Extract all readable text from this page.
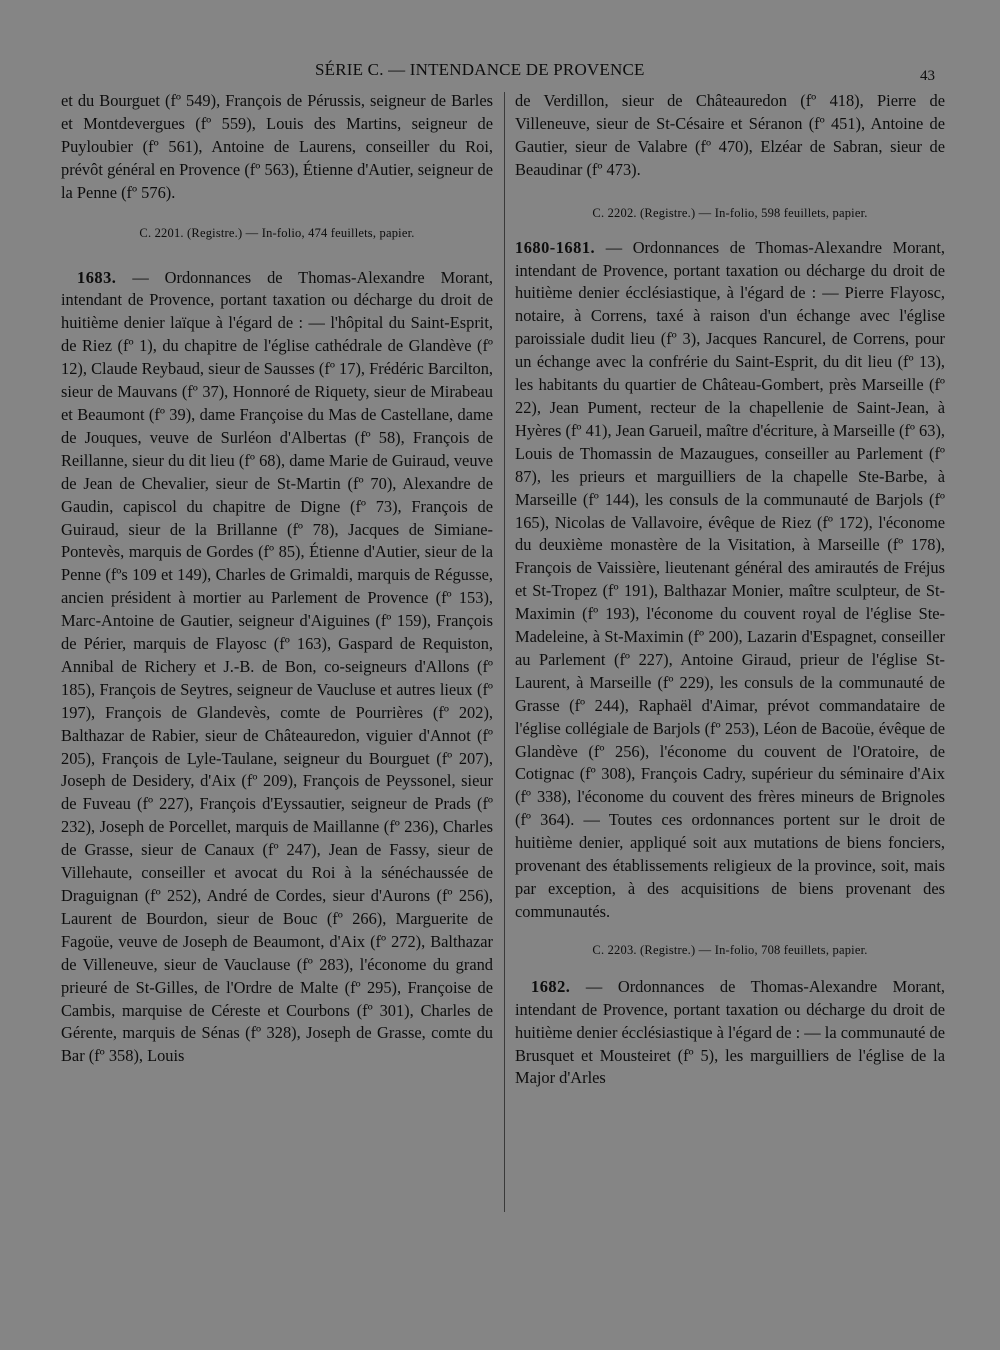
SÉRIE C. — INTENDANCE DE PROVENCE	43

et du Bourguet (fº 549), François de Pérussis, seigneur de Barles et Montdevergues (fº 559), Louis des Martins, seigneur de Puyloubier (fº 561), Antoine de Laurens, conseiller du Roi, prévôt général en Provence (fº 563), Étienne d'Autier, seigneur de la Penne (fº 576).

C. 2201. (Registre.) — In-folio, 474 feuillets, papier.

1683. — Ordonnances de Thomas-Alexandre Morant, intendant de Provence, portant taxation ou décharge du droit de huitième denier laïque à l'égard de : — l'hôpital du Saint-Esprit, de Riez (fº 1), du chapitre de l'église cathédrale de Glandève (fº 12), Claude Reybaud, sieur de Sausses (fº 17), Frédéric Barcilton, sieur de Mauvans (fº 37), Honnoré de Riquety, sieur de Mirabeau et Beaumont (fº 39), dame Françoise du Mas de Castellane, dame de Jouques, veuve de Surléon d'Albertas (fº 58), François de Reillanne, sieur du dit lieu (fº 68), dame Marie de Guiraud, veuve de Jean de Chevalier, sieur de St-Martin (fº 70), Alexandre de Gaudin, capiscol du chapitre de Digne (fº 73), François de Guiraud, sieur de la Brillanne (fº 78), Jacques de Simiane-Pontevès, marquis de Gordes (fº 85), Étienne d'Autier, sieur de la Penne (fºs 109 et 149), Charles de Grimaldi, marquis de Régusse, ancien président à mortier au Parlement de Provence (fº 153), Marc-Antoine de Gautier, seigneur d'Aiguines (fº 159), François de Périer, marquis de Flayosc (fº 163), Gaspard de Requiston, Annibal de Richery et J.-B. de Bon, co-seigneurs d'Allons (fº 185), François de Seytres, seigneur de Vaucluse et autres lieux (fº 197), François de Glandevès, comte de Pourrières (fº 202), Balthazar de Rabier, sieur de Châteauredon, viguier d'Annot (fº 205), François de Lyle-Taulane, seigneur du Bourguet (fº 207), Joseph de Desidery, d'Aix (fº 209), François de Peyssonel, sieur de Fuveau (fº 227), François d'Eyssautier, seigneur de Prads (fº 232), Joseph de Porcellet, marquis de Maillanne (fº 236), Charles de Grasse, sieur de Canaux (fº 247), Jean de Fassy, sieur de Villehaute, conseiller et avocat du Roi à la sénéchaussée de Draguignan (fº 252), André de Cordes, sieur d'Aurons (fº 256), Laurent de Bourdon, sieur de Bouc (fº 266), Marguerite de Fagoüe, veuve de Joseph de Beaumont, d'Aix (fº 272), Balthazar de Villeneuve, sieur de Vauclause (fº 283), l'économe du grand prieuré de St-Gilles, de l'Ordre de Malte (fº 295), Françoise de Cambis, marquise de Céreste et Courbons (fº 301), Charles de Gérente, marquis de Sénas (fº 328), Joseph de Grasse, comte du Bar (fº 358), Louis

de Verdillon, sieur de Châteauredon (fº 418), Pierre de Villeneuve, sieur de St-Césaire et Séranon (fº 451), Antoine de Gautier, sieur de Valabre (fº 470), Elzéar de Sabran, sieur de Beaudinar (fº 473).

C. 2202. (Registre.) — In-folio, 598 feuillets, papier.

1680-1681. — Ordonnances de Thomas-Alexandre Morant, intendant de Provence, portant taxation ou décharge du droit de huitième denier écclésiastique, à l'égard de : — Pierre Flayosc, notaire, à Correns, taxé à raison d'un échange avec l'église paroissiale dudit lieu (fº 3), Jacques Rancurel, de Correns, pour un échange avec la confrérie du Saint-Esprit, du dit lieu (fº 13), les habitants du quartier de Château-Gombert, près Marseille (fº 22), Jean Pument, recteur de la chapellenie de Saint-Jean, à Hyères (fº 41), Jean Garueil, maître d'écriture, à Marseille (fº 63), Louis de Thomassin de Mazaugues, conseiller au Parlement (fº 87), les prieurs et marguilliers de la chapelle Ste-Barbe, à Marseille (fº 144), les consuls de la communauté de Barjols (fº 165), Nicolas de Vallavoire, évêque de Riez (fº 172), l'économe du deuxième monastère de la Visitation, à Marseille (fº 178), François de Vaissière, lieutenant général des amirautés de Fréjus et St-Tropez (fº 191), Balthazar Monier, maître sculpteur, de St-Maximin (fº 193), l'économe du couvent royal de l'église Ste-Madeleine, à St-Maximin (fº 200), Lazarin d'Espagnet, conseiller au Parlement (fº 227), Antoine Giraud, prieur de l'église St-Laurent, à Marseille (fº 229), les consuls de la communauté de Grasse (fº 244), Raphaël d'Aimar, prévot commandataire de l'église collégiale de Barjols (fº 253), Léon de Bacoüe, évêque de Glandève (fº 256), l'économe du couvent de l'Oratoire, de Cotignac (fº 308), François Cadry, supérieur du séminaire d'Aix (fº 338), l'économe du couvent des frères mineurs de Brignoles (fº 364). — Toutes ces ordonnances portent sur le droit de huitième denier, appliqué soit aux mutations de biens fonciers, provenant des établissements religieux de la province, soit, mais par exception, à des acquisitions de biens provenant des communautés.

C. 2203. (Registre.) — In-folio, 708 feuillets, papier.

1682. — Ordonnances de Thomas-Alexandre Morant, intendant de Provence, portant taxation ou décharge du droit de huitième denier écclésiastique à l'égard de : — la communauté de Brusquet et Mousteiret (fº 5), les marguilliers de l'église de la Major d'Arles
